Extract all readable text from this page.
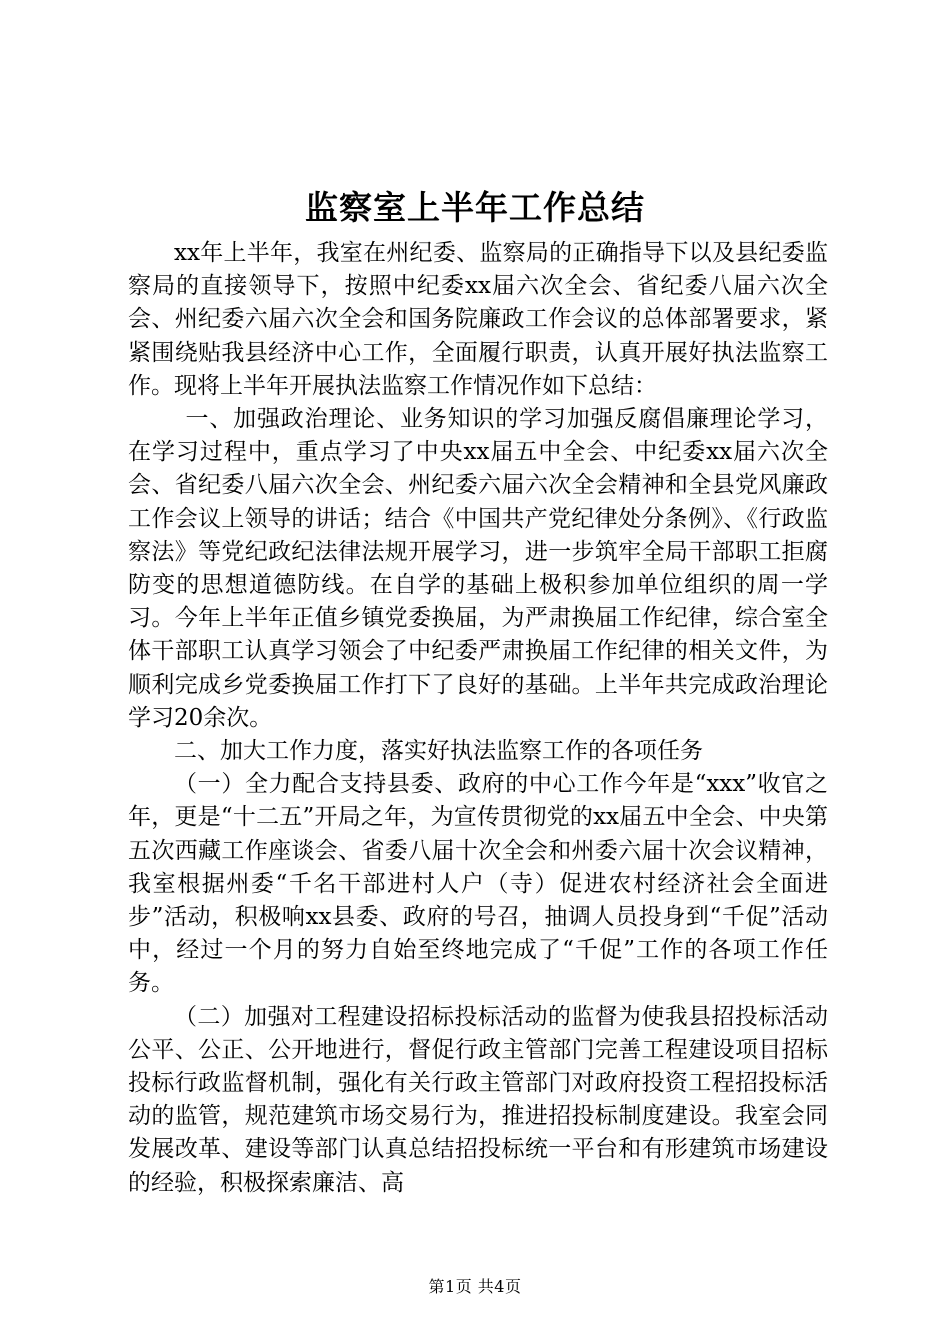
监察室上半年工作总结

xx年上半年，我室在州纪委、监察局的正确指导下以及县纪委监察局的直接领导下，按照中纪委xx届六次全会、省纪委八届六次全会、州纪委六届六次全会和国务院廉政工作会议的总体部署要求，紧紧围绕贴我县经济中心工作，全面履行职责，认真开展好执法监察工作。现将上半年开展执法监察工作情况作如下总结：

一、加强政治理论、业务知识的学习加强反腐倡廉理论学习，在学习过程中，重点学习了中央xx届五中全会、中纪委xx届六次全会、省纪委八届六次全会、州纪委六届六次全会精神和全县党风廉政工作会议上领导的讲话；结合《中国共产党纪律处分条例》、《行政监察法》等党纪政纪法律法规开展学习，进一步筑牢全局干部职工拒腐防变的思想道德防线。在自学的基础上极积参加单位组织的周一学习。今年上半年正值乡镇党委换届，为严肃换届工作纪律，综合室全体干部职工认真学习领会了中纪委严肃换届工作纪律的相关文件，为顺利完成乡党委换届工作打下了良好的基础。上半年共完成政治理论学习20余次。

二、加大工作力度，落实好执法监察工作的各项任务

（一）全力配合支持县委、政府的中心工作今年是“xxx”收官之年，更是“十二五”开局之年，为宣传贯彻党的xx届五中全会、中央第五次西藏工作座谈会、省委八届十次全会和州委六届十次会议精神，我室根据州委“千名干部进村人户（寺）促进农村经济社会全面进步”活动，积极响xx县委、政府的号召，抽调人员投身到“千促”活动中，经过一个月的努力自始至终地完成了“千促”工作的各项工作任务。

（二）加强对工程建设招标投标活动的监督为使我县招投标活动公平、公正、公开地进行，督促行政主管部门完善工程建设项目招标投标行政监督机制，强化有关行政主管部门对政府投资工程招投标活动的监管，规范建筑市场交易行为，推进招投标制度建设。我室会同发展改革、建设等部门认真总结招投标统一平台和有形建筑市场建设的经验，积极探索廉洁、高

第1页 共4页
